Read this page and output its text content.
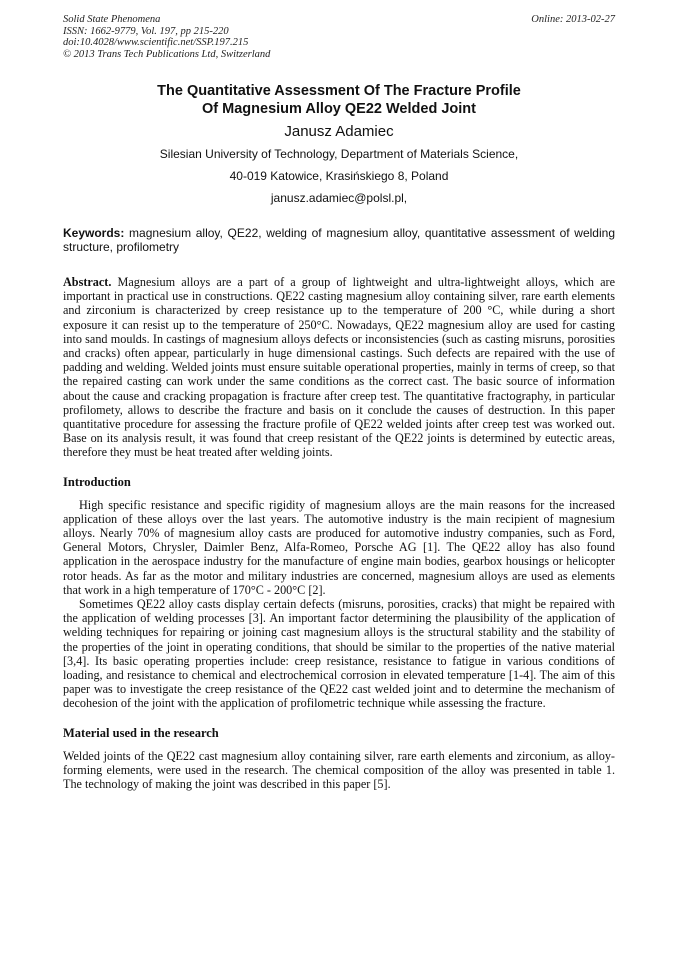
Solid State Phenomena
ISSN: 1662-9779, Vol. 197, pp 215-220
doi:10.4028/www.scientific.net/SSP.197.215
© 2013 Trans Tech Publications Ltd, Switzerland
Online: 2013-02-27
The Quantitative Assessment Of The Fracture Profile
Of Magnesium Alloy QE22 Welded Joint
Janusz Adamiec
Silesian University of Technology, Department of Materials Science,
40-019 Katowice, Krasińskiego 8, Poland
janusz.adamiec@polsl.pl,
Keywords: magnesium alloy, QE22, welding of magnesium alloy, quantitative assessment of welding structure, profilometry
Abstract. Magnesium alloys are a part of a group of lightweight and ultra-lightweight alloys, which are important in practical use in constructions. QE22 casting magnesium alloy containing silver, rare earth elements and zirconium is characterized by creep resistance up to the temperature of 200 °C, while during a short exposure it can resist up to the temperature of 250°C. Nowadays, QE22 magnesium alloy are used for casting into sand moulds. In castings of magnesium alloys defects or inconsistencies (such as casting misruns, porosities and cracks) often appear, particularly in huge dimensional castings. Such defects are repaired with the use of padding and welding. Welded joints must ensure suitable operational properties, mainly in terms of creep, so that the repaired casting can work under the same conditions as the correct cast. The basic source of information about the cause and cracking propagation is fracture after creep test. The quantitative fractography, in particular profilomety, allows to describe the fracture and basis on it conclude the causes of destruction. In this paper quantitative procedure for assessing the fracture profile of QE22 welded joints after creep test was worked out. Base on its analysis result, it was found that creep resistant of the QE22 joints is determined by eutectic areas, therefore they must be heat treated after welding joints.
Introduction

High specific resistance and specific rigidity of magnesium alloys are the main reasons for the increased application of these alloys over the last years. The automotive industry is the main recipient of magnesium alloys. Nearly 70% of magnesium alloy casts are produced for automotive industry companies, such as Ford, General Motors, Chrysler, Daimler Benz, Alfa-Romeo, Porsche AG [1]. The QE22 alloy has also found application in the aerospace industry for the manufacture of engine main bodies, gearbox housings or helicopter rotor heads. As far as the motor and military industries are concerned, magnesium alloys are used as elements that work in a high temperature of 170°C - 200°C [2].

Sometimes QE22 alloy casts display certain defects (misruns, porosities, cracks) that might be repaired with the application of welding processes [3]. An important factor determining the plausibility of the application of welding techniques for repairing or joining cast magnesium alloys is the structural stability and the stability of the properties of the joint in operating conditions, that should be similar to the properties of the native material [3,4]. Its basic operating properties include: creep resistance, resistance to fatigue in various conditions of loading, and resistance to chemical and electrochemical corrosion in elevated temperature [1-4]. The aim of this paper was to investigate the creep resistance of the QE22 cast welded joint and to determine the mechanism of decohesion of the joint with the application of profilometric technique while assessing the fracture.

Material used in the research

Welded joints of the QE22 cast magnesium alloy containing silver, rare earth elements and zirconium, as alloy-forming elements, were used in the research. The chemical composition of the alloy was presented in table 1. The technology of making the joint was described in this paper [5].
